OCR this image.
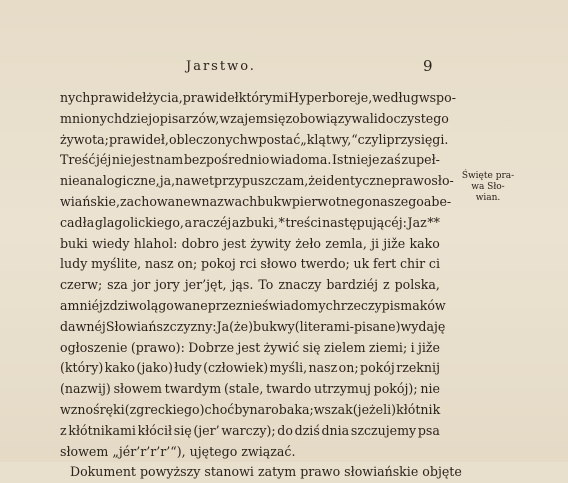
Jarstwo.	9
nych prawideł życia, prawideł którymi Hyperboreje, według wspo-
mnionych dziejopisarzów, wzajem się zobowiązywali do czystego
żywota; prawideł, obleczonych w postać „klątwy,“ czyli przysięgi.
Treść jéj nie jest nam bezpośrednio wiadoma. Istnieje zaś zupeł-
nie analogiczne, ja, nawet przypuszczam, że identyczne prawo sło-
wiańskie, zachowane w nazwach bukw pierwotnego naszego abe-
cadła glagolickiego, a raczéj azbuki, * treści następującéj: Jaz **
buki wiedy hlahol: dobro jest żywity żeło zemla, ji jiže kako
ludy myślite, nasz on; pokoj rci słowo twerdo; uk fert chir ci
czerw; sza jor jory jer’jęt, jąs. To znaczy bardziéj z polska,
a mniéj zdziwolągowane przez nieświadomych rzeczy pismaków
dawnéj Słowiańszczyzny: Ja (że) bukwy (literami-pisane) wydaję
ogłoszenie (prawo): Dobrze jest żywić się zielem ziemi; i jiže
(który) kako (jako) łudy (człowiek) myśli, nasz on; pokój rzeknij
(nazwij) słowem twardym (stale, twardo utrzymuj pokój); nie
wznoś ręki (z greckiego) choćby na robaka; wszak (jeżeli) kłótnik
z kłótnikami kłócił się (jer’ warczy); do dziś dnia szczujemy psa
słowem „jér’r’r’r’“), ujętego związać.
Dokument powyższy stanowi zatym prawo słowiańskie objęte
Święte pra-
wa Sło-
wian.
